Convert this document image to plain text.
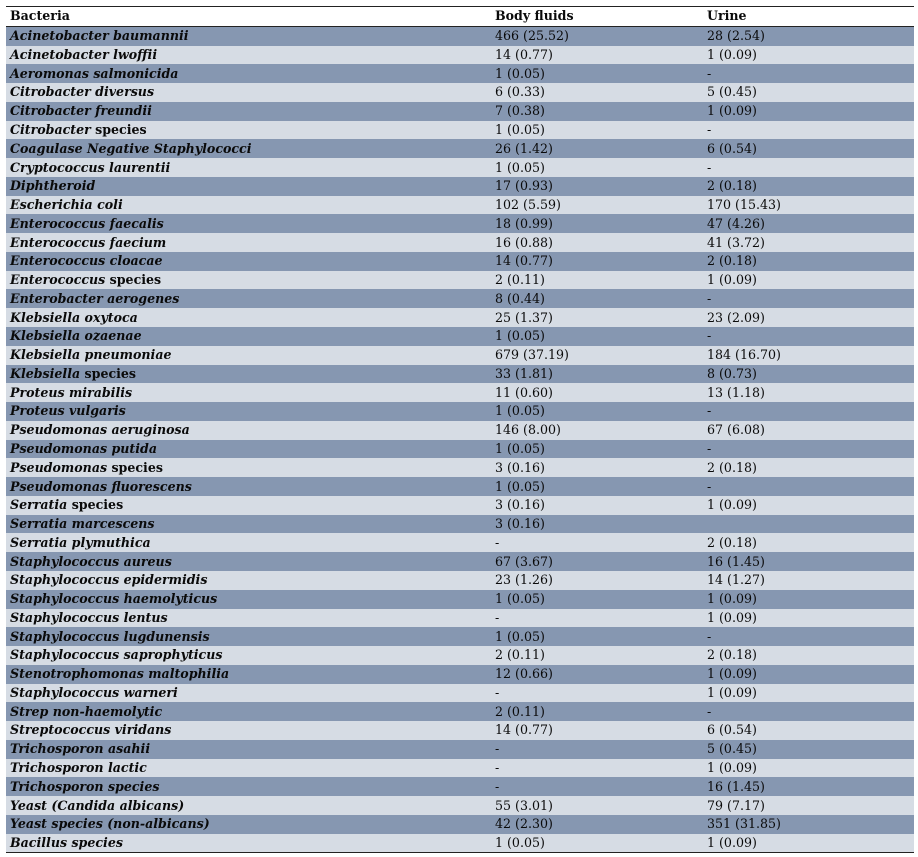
Bacteria	Body fluids	Urine
Acinetobacter baumannii	466 (25.52)	28 (2.54)
Acinetobacter lwoffii	14 (0.77)	1 (0.09)
Aeromonas salmonicida	1 (0.05)	-
Citrobacter diversus	6 (0.33)	5 (0.45)
Citrobacter freundii	7 (0.38)	1 (0.09)
Citrobacter species	1 (0.05)	-
Coagulase Negative Staphylococci	26 (1.42)	6 (0.54)
Cryptococcus laurentii	1 (0.05)	-
Diphtheroid	17 (0.93)	2 (0.18)
Escherichia coli	102 (5.59)	170 (15.43)
Enterococcus faecalis	18 (0.99)	47 (4.26)
Enterococcus faecium	16 (0.88)	41 (3.72)
Enterococcus cloacae	14 (0.77)	2 (0.18)
Enterococcus species	2 (0.11)	1 (0.09)
Enterobacter aerogenes	8 (0.44)	-
Klebsiella oxytoca	25 (1.37)	23 (2.09)
Klebsiella ozaenae	1 (0.05)	-
Klebsiella pneumoniae	679 (37.19)	184 (16.70)
Klebsiella species	33 (1.81)	8 (0.73)
Proteus mirabilis	11 (0.60)	13 (1.18)
Proteus vulgaris	1 (0.05)	-
Pseudomonas aeruginosa	146 (8.00)	67 (6.08)
Pseudomonas putida	1 (0.05)	-
Pseudomonas species	3 (0.16)	2 (0.18)
Pseudomonas fluorescens	1 (0.05)	-
Serratia species	3 (0.16)	1 (0.09)
Serratia marcescens	3 (0.16)	
Serratia plymuthica	-	2 (0.18)
Staphylococcus aureus	67 (3.67)	16 (1.45)
Staphylococcus epidermidis	23 (1.26)	14 (1.27)
Staphylococcus haemolyticus	1 (0.05)	1 (0.09)
Staphylococcus lentus	-	1 (0.09)
Staphylococcus lugdunensis	1 (0.05)	-
Staphylococcus saprophyticus	2 (0.11)	2 (0.18)
Stenotrophomonas maltophilia	12 (0.66)	1 (0.09)
Staphylococcus warneri	-	1 (0.09)
Strep non-haemolytic	2 (0.11)	-
Streptococcus viridans	14 (0.77)	6 (0.54)
Trichosporon asahii	-	5 (0.45)
Trichosporon lactic	-	1 (0.09)
Trichosporon species	-	16 (1.45)
Yeast (Candida albicans)	55 (3.01)	79 (7.17)
Yeast species (non-albicans)	42 (2.30)	351 (31.85)
Bacillus species	1 (0.05)	1 (0.09)
